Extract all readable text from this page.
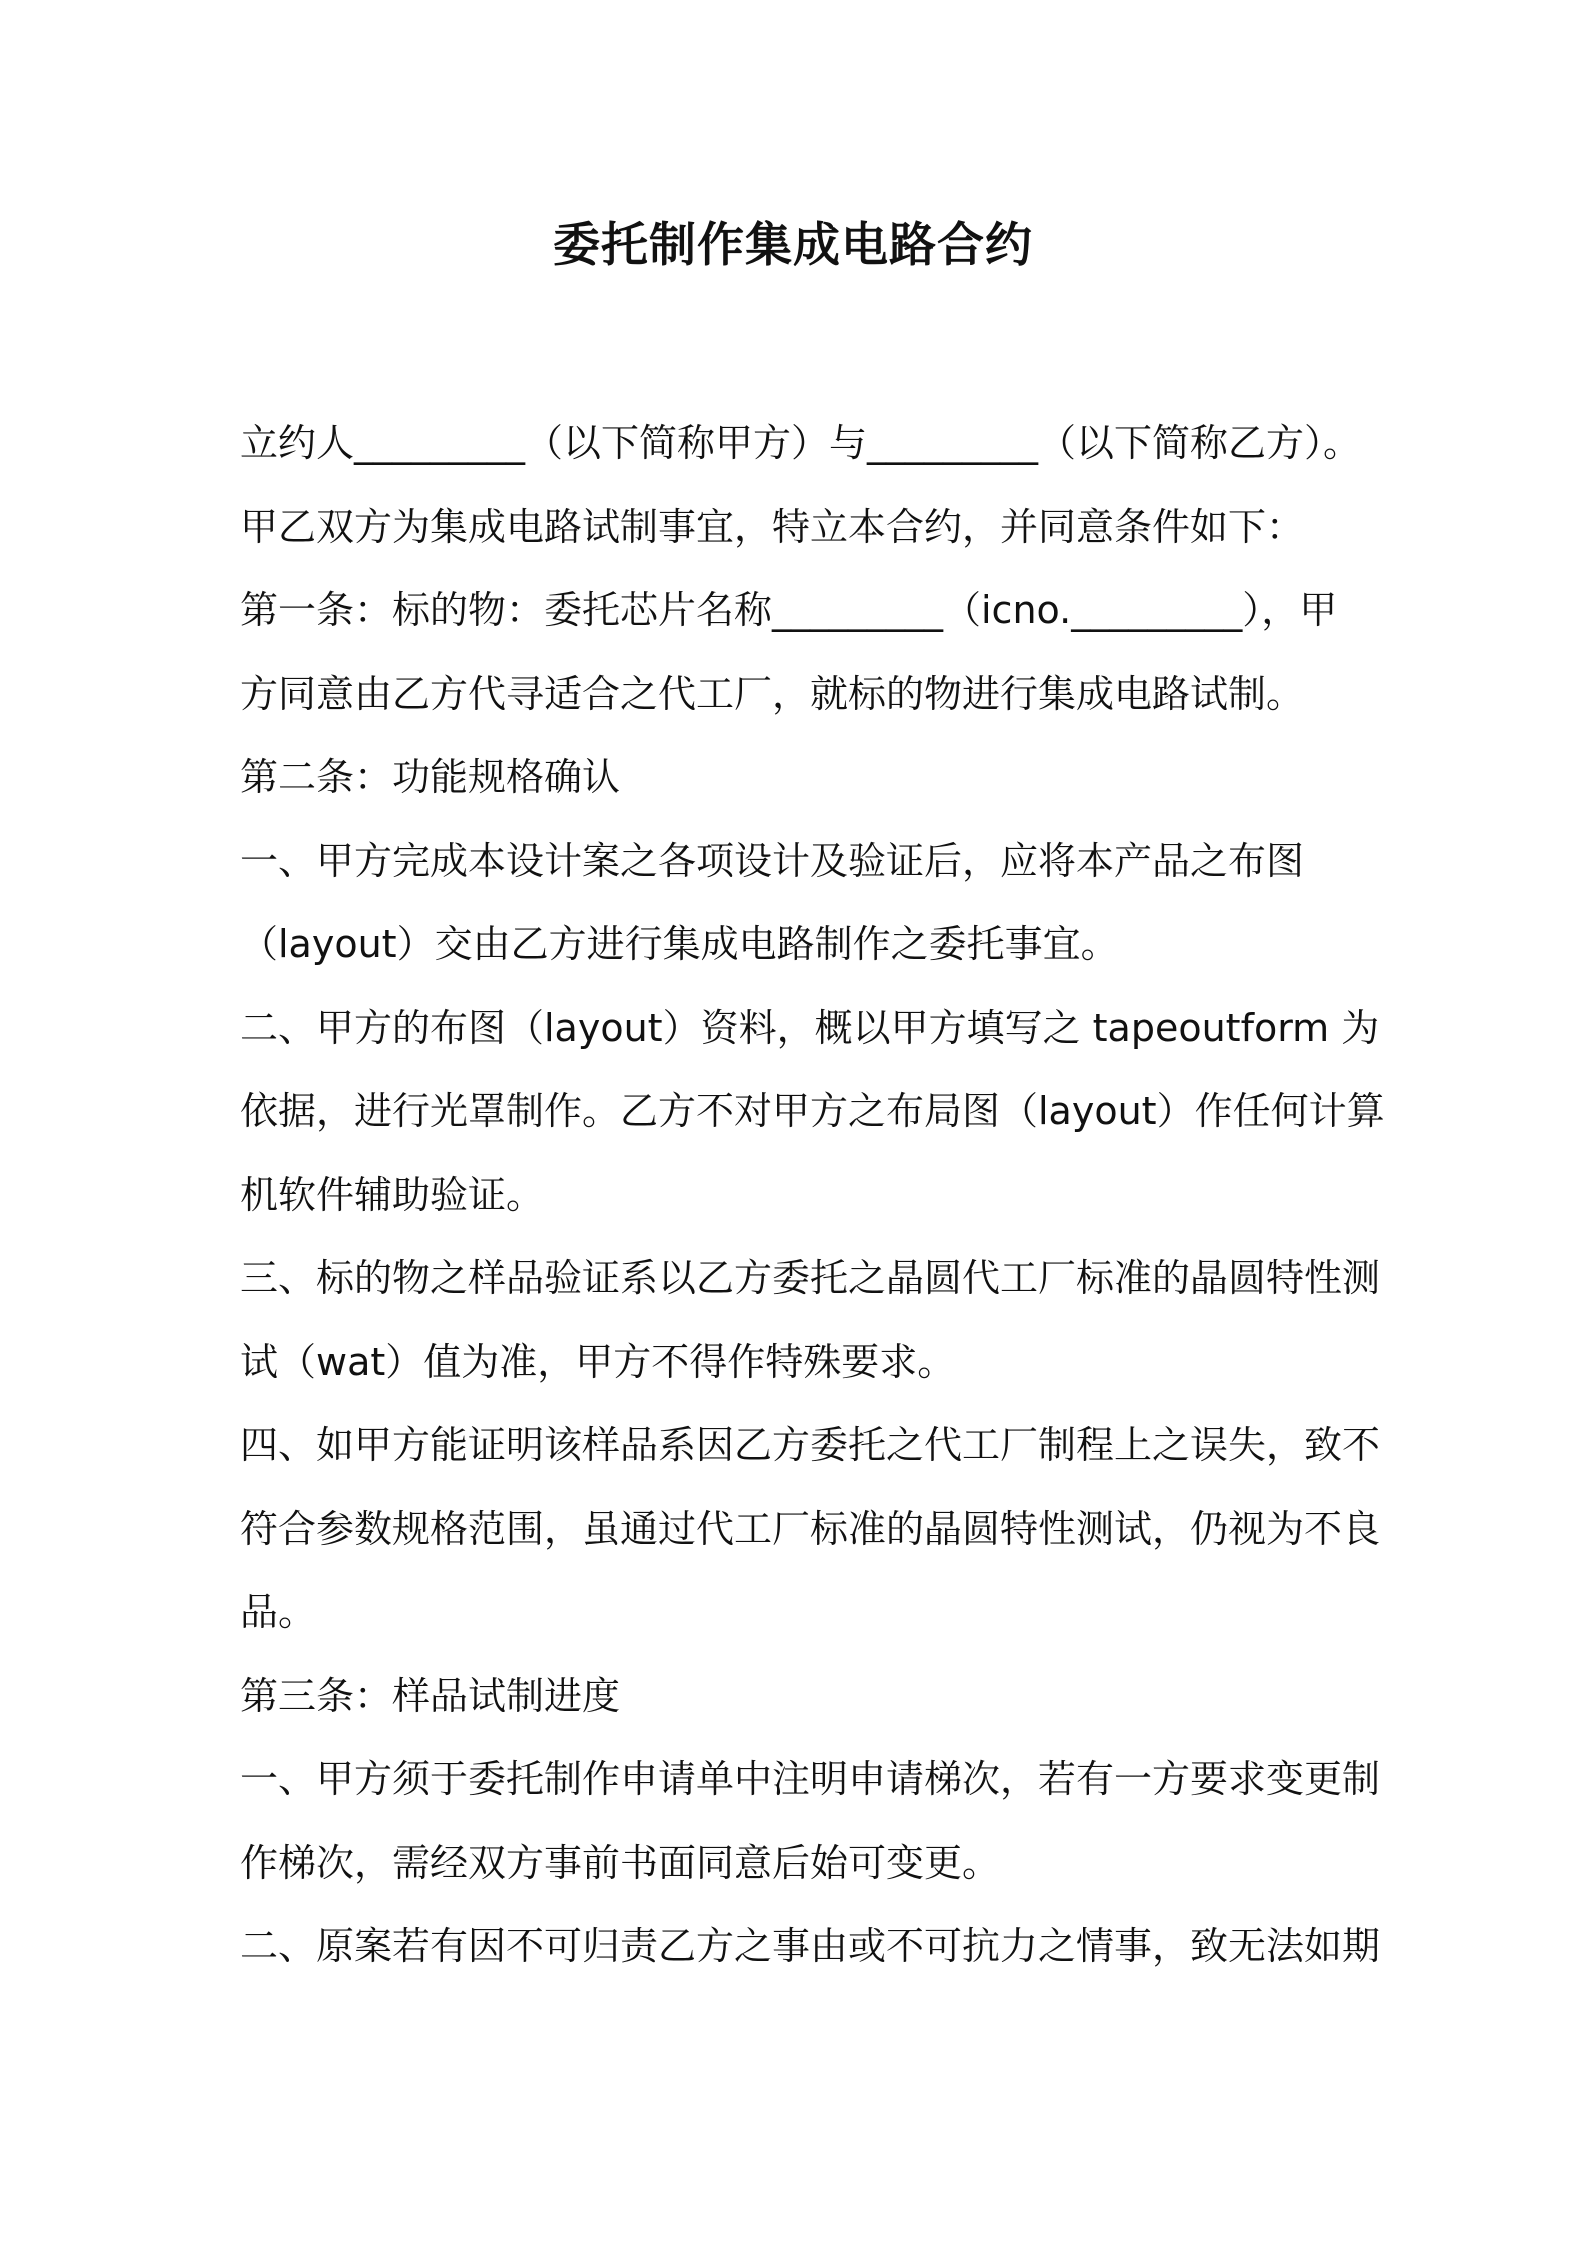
委托制作集成电路合约
立约人_________（以下简称甲方）与_________（以下简称乙方）。
甲乙双方为集成电路试制事宜，特立本合约，并同意条件如下：
第一条：标的物：委托芯片名称_________（icno._________），甲
方同意由乙方代寻适合之代工厂，就标的物进行集成电路试制。
第二条：功能规格确认
一、甲方完成本设计案之各项设计及验证后，应将本产品之布图
（layout）交由乙方进行集成电路制作之委托事宜。
二、甲方的布图（layout）资料，概以甲方填写之 tapeoutform 为
依据，进行光罩制作。乙方不对甲方之布局图（layout）作任何计算
机软件辅助验证。
三、标的物之样品验证系以乙方委托之晶圆代工厂标准的晶圆特性测
试（wat）值为准，甲方不得作特殊要求。
四、如甲方能证明该样品系因乙方委托之代工厂制程上之误失，致不
符合参数规格范围，虽通过代工厂标准的晶圆特性测试，仍视为不良
品。
第三条：样品试制进度
一、甲方须于委托制作申请单中注明申请梯次，若有一方要求变更制
作梯次，需经双方事前书面同意后始可变更。
二、原案若有因不可归责乙方之事由或不可抗力之情事，致无法如期
